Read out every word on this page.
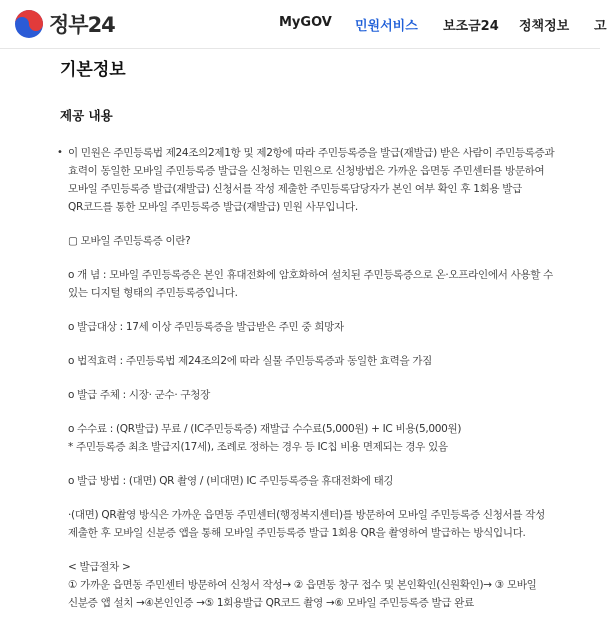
정부24	MyGOV 민원서비스 보조금24 정책정보 고
기본정보
제공 내용
• 이 민원은 주민등록법 제24조의2제1항 및 제2항에 따라 주민등록증을 발급(재발급) 받은 사람이 주민등록증과 효력이 동일한 모바일 주민등록증 발급을 신청하는 민원으로 신청방법은 가까운 읍면동 주민센터를 방문하여 모바일 주민등록증 발급(재발급) 신청서를 작성 제출한 주민등록담당자가 본인 여부 확인 후 1회용 발급 QR코드를 통한 모바일 주민등록증 발급(재발급) 민원 사무입니다.

▢ 모바일 주민등록증 이란?

o 개 념 : 모바일 주민등록증은 본인 휴대전화에 암호화하여 설치된 주민등록증으로 온·오프라인에서 사용할 수 있는 디지털 형태의 주민등록증입니다.

o 발급대상 : 17세 이상 주민등록증을 발급받은 주민 중 희망자

o 법적효력 : 주민등록법 제24조의2에 따라 실물 주민등록증과 동일한 효력을 가짐

o 발급 주체 : 시장· 군수· 구청장

o 수수료 : (QR발급) 무료 / (IC주민등록증) 재발급 수수료(5,000원) + IC 비용(5,000원)
* 주민등록증 최초 발급지(17세), 조례로 정하는 경우 등 IC칩 비용 면제되는 경우 있음

o 발급 방법 : (대면) QR 촬영 / (비대면) IC 주민등록증을 휴대전화에 태깅

·(대면) QR촬영 방식은 가까운 읍면동 주민센터(행정복지센터)를 방문하여 모바일 주민등록증 신청서를 작성 제출한 후 모바일 신분증 앱을 통해 모바일 주민등록증 발급 1회용 QR을 촬영하여 발급하는 방식입니다.

< 발급절차 >
① 가까운 읍면동 주민센터 방문하여 신청서 작성→ ② 읍면동 창구 접수 및 본인확인(신원확인)→ ③ 모바일 신분증 앱 설치 →④본인인증 →⑤ 1회용발급 QR코드 촬영 →⑥ 모바일 주민등록증 발급 완료
